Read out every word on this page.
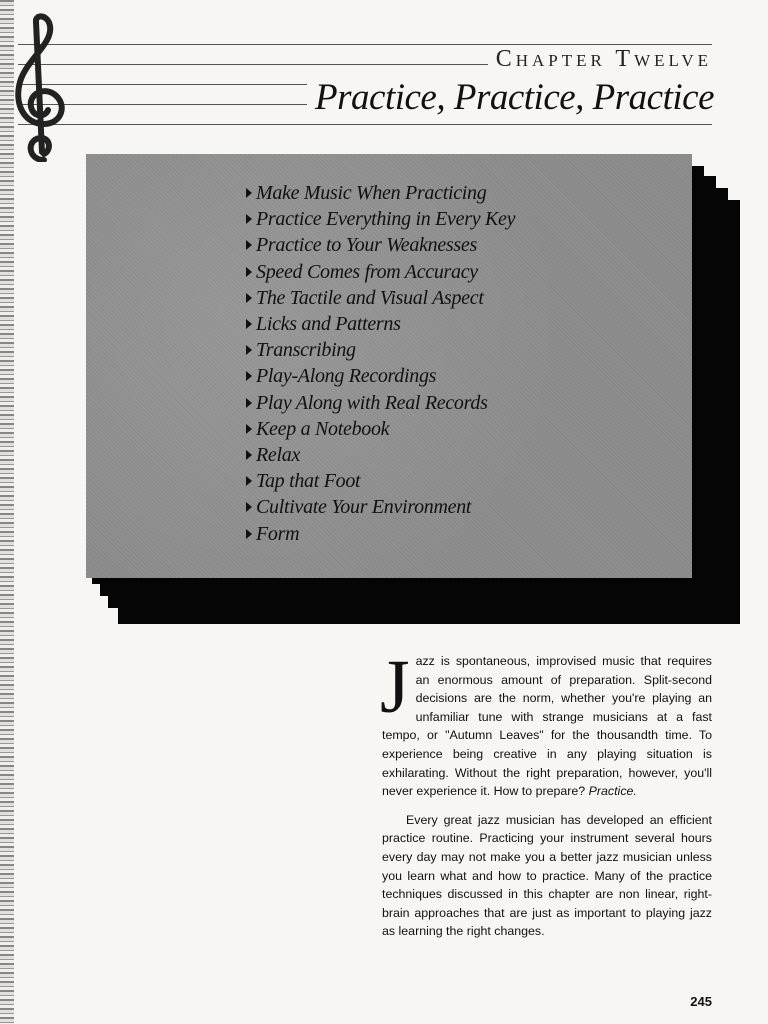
Chapter Twelve
Practice, Practice, Practice
Make Music When Practicing
Practice Everything in Every Key
Practice to Your Weaknesses
Speed Comes from Accuracy
The Tactile and Visual Aspect
Licks and Patterns
Transcribing
Play-Along Recordings
Play Along with Real Records
Keep a Notebook
Relax
Tap that Foot
Cultivate Your Environment
Form

Jazz is spontaneous, improvised music that requires an enormous amount of preparation. Split-second decisions are the norm, whether you're playing an unfamiliar tune with strange musicians at a fast tempo, or "Autumn Leaves" for the thousandth time. To experience being creative in any playing situation is exhilarating. Without the right preparation, however, you'll never experience it. How to prepare? Practice.

Every great jazz musician has developed an efficient practice routine. Practicing your instrument several hours every day may not make you a better jazz musician unless you learn what and how to practice. Many of the practice techniques discussed in this chapter are non linear, right-brain approaches that are just as important to playing jazz as learning the right changes.

245
